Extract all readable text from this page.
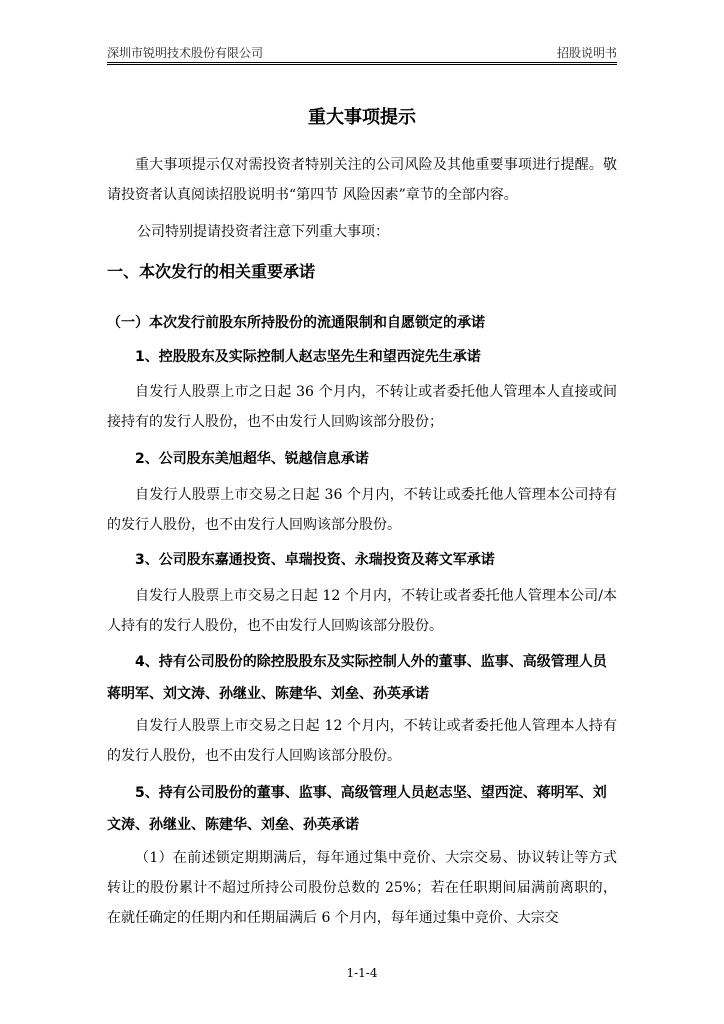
深圳市锐明技术股份有限公司	招股说明书
重大事项提示
重大事项提示仅对需投资者特别关注的公司风险及其他重要事项进行提醒。敬请投资者认真阅读招股说明书“第四节 风险因素”章节的全部内容。
公司特别提请投资者注意下列重大事项：
一、本次发行的相关重要承诺
（一）本次发行前股东所持股份的流通限制和自愿锁定的承诺
1、控股股东及实际控制人赵志坚先生和望西淀先生承诺
自发行人股票上市之日起 36 个月内，不转让或者委托他人管理本人直接或间接持有的发行人股份，也不由发行人回购该部分股份；
2、公司股东美旭超华、锐越信息承诺
自发行人股票上市交易之日起 36 个月内，不转让或委托他人管理本公司持有的发行人股份，也不由发行人回购该部分股份。
3、公司股东嘉通投资、卓瑞投资、永瑞投资及蒋文军承诺
自发行人股票上市交易之日起 12 个月内，不转让或者委托他人管理本公司/本人持有的发行人股份，也不由发行人回购该部分股份。
4、持有公司股份的除控股股东及实际控制人外的董事、监事、高级管理人员蒋明军、刘文涛、孙继业、陈建华、刘垒、孙英承诺
自发行人股票上市交易之日起 12 个月内，不转让或者委托他人管理本人持有的发行人股份，也不由发行人回购该部分股份。
5、持有公司股份的董事、监事、高级管理人员赵志坚、望西淀、蒋明军、刘文涛、孙继业、陈建华、刘垒、孙英承诺
（1）在前述锁定期期满后，每年通过集中竞价、大宗交易、协议转让等方式转让的股份累计不超过所持公司股份总数的 25%；若在任职期间届满前离职的，在就任确定的任期内和任期届满后 6 个月内，每年通过集中竞价、大宗交
1-1-4
